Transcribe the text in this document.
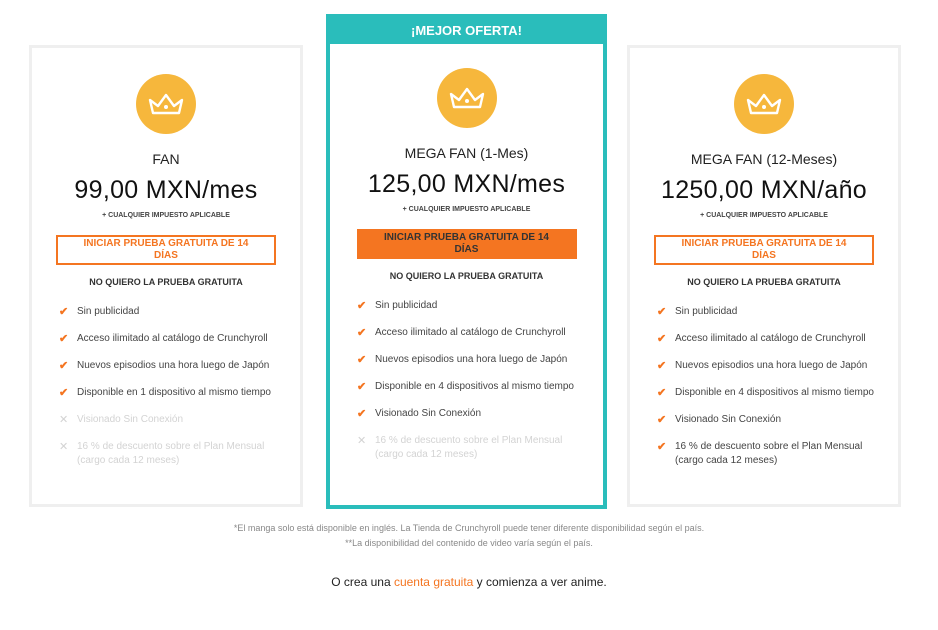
FAN
99,00 MXN/mes
+ CUALQUIER IMPUESTO APLICABLE
INICIAR PRUEBA GRATUITA DE 14 DÍAS
NO QUIERO LA PRUEBA GRATUITA
✔ Sin publicidad
✔ Acceso ilimitado al catálogo de Crunchyroll
✔ Nuevos episodios una hora luego de Japón
✔ Disponible en 1 dispositivo al mismo tiempo
✕ Visionado Sin Conexión
✕ 16 % de descuento sobre el Plan Mensual (cargo cada 12 meses)
¡MEJOR OFERTA!
MEGA FAN (1-Mes)
125,00 MXN/mes
+ CUALQUIER IMPUESTO APLICABLE
INICIAR PRUEBA GRATUITA DE 14 DÍAS
NO QUIERO LA PRUEBA GRATUITA
✔ Sin publicidad
✔ Acceso ilimitado al catálogo de Crunchyroll
✔ Nuevos episodios una hora luego de Japón
✔ Disponible en 4 dispositivos al mismo tiempo
✔ Visionado Sin Conexión
✕ 16 % de descuento sobre el Plan Mensual (cargo cada 12 meses)
MEGA FAN (12-Meses)
1250,00 MXN/año
+ CUALQUIER IMPUESTO APLICABLE
INICIAR PRUEBA GRATUITA DE 14 DÍAS
NO QUIERO LA PRUEBA GRATUITA
✔ Sin publicidad
✔ Acceso ilimitado al catálogo de Crunchyroll
✔ Nuevos episodios una hora luego de Japón
✔ Disponible en 4 dispositivos al mismo tiempo
✔ Visionado Sin Conexión
✔ 16 % de descuento sobre el Plan Mensual (cargo cada 12 meses)
*El manga solo está disponible en inglés. La Tienda de Crunchyroll puede tener diferente disponibilidad según el país.
**La disponibilidad del contenido de video varía según el país.
O crea una cuenta gratuita y comienza a ver anime.
